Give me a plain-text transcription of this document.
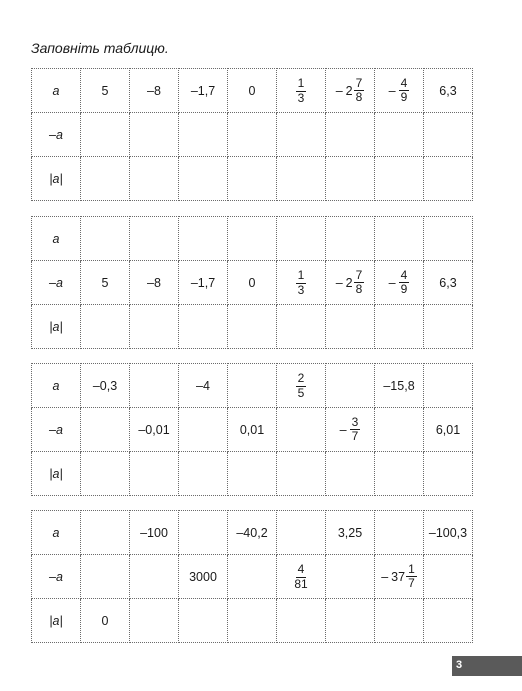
Заповніть таблицю.
a	5	–8	–1,7	0	$\frac{1}{3}$	– $2 \frac{7}{8}$	– $\frac{4}{9}$	6,3
–a								
|a|								
a								
–a	5	–8	–1,7	0	$\frac{1}{3}$	– $2 \frac{7}{8}$	– $\frac{4}{9}$	6,3
|a|								
a	–0,3		–4		$\frac{2}{5}$		–15,8	
–a		–0,01		0,01		– $\frac{3}{7}$		6,01
|a|								
a		–100		–40,2		3,25		–100,3
–a			3000		$\frac{4}{81}$		– $37 \frac{1}{7}$

|a|	0							
3
